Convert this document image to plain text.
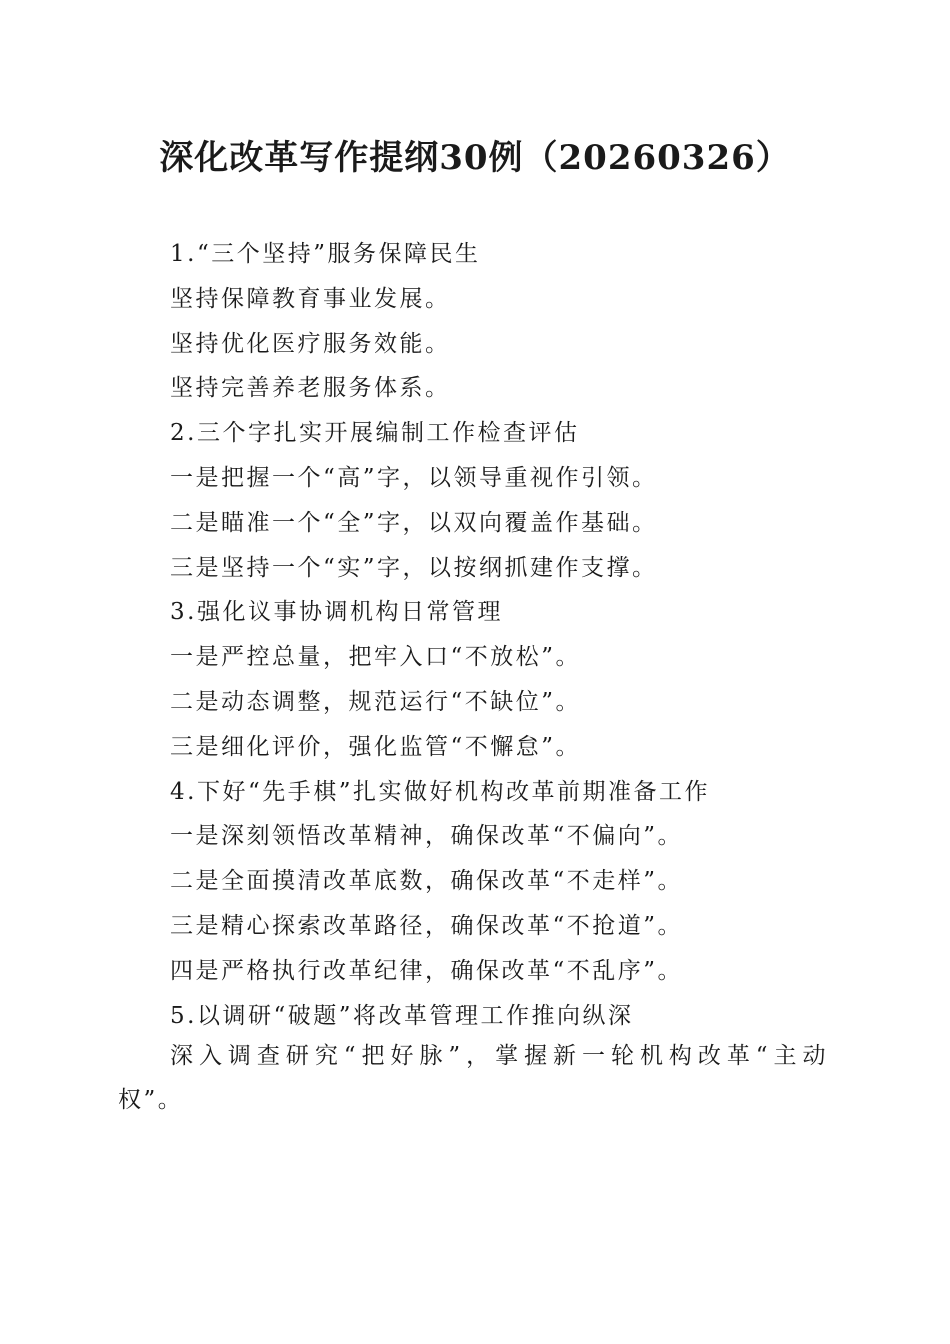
深化改革写作提纲30例（20260326）
1.“三个坚持”服务保障民生
坚持保障教育事业发展。
坚持优化医疗服务效能。
坚持完善养老服务体系。
2.三个字扎实开展编制工作检查评估
一是把握一个“高”字，以领导重视作引领。
二是瞄准一个“全”字，以双向覆盖作基础。
三是坚持一个“实”字，以按纲抓建作支撑。
3.强化议事协调机构日常管理
一是严控总量，把牢入口“不放松”。
二是动态调整，规范运行“不缺位”。
三是细化评价，强化监管“不懈怠”。
4.下好“先手棋”扎实做好机构改革前期准备工作
一是深刻领悟改革精神，确保改革“不偏向”。
二是全面摸清改革底数，确保改革“不走样”。
三是精心探索改革路径，确保改革“不抢道”。
四是严格执行改革纪律，确保改革“不乱序”。
5.以调研“破题”将改革管理工作推向纵深
深入调查研究“把好脉”，掌握新一轮机构改革“主动
权”。
